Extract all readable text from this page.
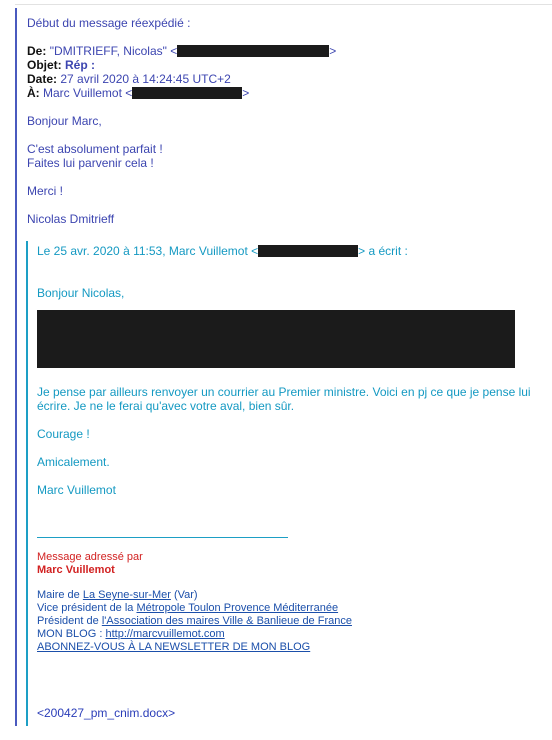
Début du message réexpédié :
De: "DMITRIEFF, Nicolas" <	>
Objet: Rép :
Date: 27 avril 2020 à 14:24:45 UTC+2
À: Marc Vuillemot <	>
Bonjour Marc,
C'est absolument parfait !
Faites lui parvenir cela !
Merci !
Nicolas Dmitrieff

Le 25 avr. 2020 à 11:53, Marc Vuillemot <	> a écrit :

Bonjour Nicolas,

Je pense par ailleurs renvoyer un courrier au Premier ministre. Voici en pj ce que je pense lui écrire. Je ne le ferai qu'avec votre aval, bien sûr.

Courage !

Amicalement.

Marc Vuillemot

Message adressé par
Marc Vuillemot
Maire de La Seyne-sur-Mer (Var)
Vice président de la Métropole Toulon Provence Méditerranée
Président de l'Association des maires Ville & Banlieue de France
MON BLOG : http://marcvuillemot.com
ABONNEZ-VOUS À LA NEWSLETTER DE MON BLOG

<200427_pm_cnim.docx>
